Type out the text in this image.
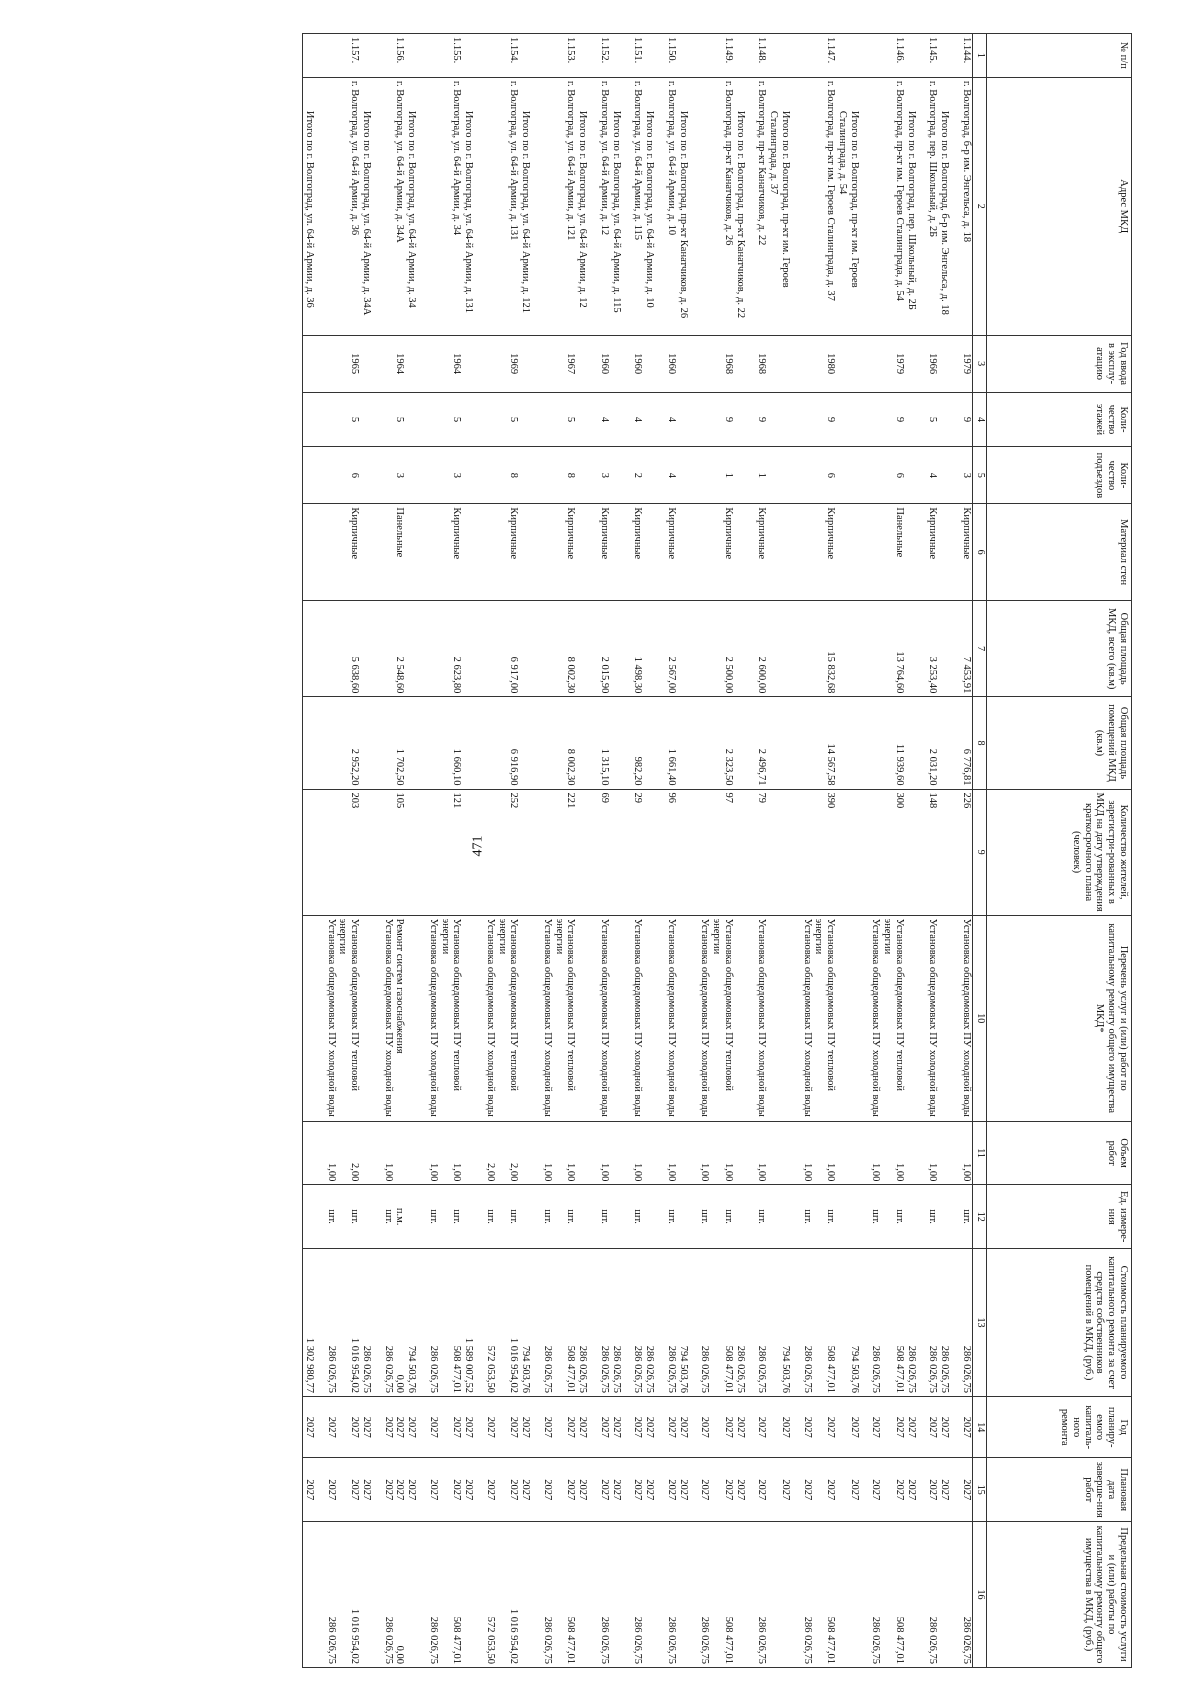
471
№ п/п	Адрес МКД	Год ввода в эксплу-атацию	Коли-чество этажей	Коли-чество подъездов	Материал стен	Общая площадь МКД, всего (кв.м)	Общая площадь помещений МКД (кв.м)	Количество жителей, зарегистри-рованных в МКД на дату утверждения краткосрочного плана (человек)	Перечень услуг и (или) работ по капитальному ремонту общего имущества МКД*	Объем работ	Ед. измере-ния	Стоимость планируемого капитального ремонта за счет средств собственников помещений в МКД, (руб.)	Год планиру-емого капиталь-ного ремонта	Плановая дата заверше-ния работ	Предельная стоимость услуги и (или) работы по капитальному ремонту общего имущества в МКД, (руб.)
1	2	3	4	5	6	7	8	9	10	11	12	13	14	15	16
1.144.	г. Волгоград, б-р им. Энгельса, д. 18	1979	9	3	Кирпичные	7 453,91	6 776,81	226	Установка общедомовых ПУ холодной воды	1,00	шт.	286 026,75	2027	2027	286 026,75
	Итого по г. Волгоград, б-р им. Энгельса, д. 18											286 026,75	2027	2027	
1.145.	г. Волгоград, пер. Школьный, д. 2Б	1966	5	4	Кирпичные	3 253,40	2 031,20	148	Установка общедомовых ПУ холодной воды	1,00	шт.	286 026,75	2027	2027	286 026,75
	Итого по г. Волгоград, пер. Школьный, д. 2Б											286 026,75	2027	2027	
1.146.	г. Волгоград, пр-кт им. Героев Сталинграда, д. 54	1979	9	6	Панельные	13 764,60	11 939,60	300	Установка общедомовых ПУ тепловой энергии	1,00	шт.	508 477,01	2027	2027	508 477,01
									Установка общедомовых ПУ холодной воды	1,00	шт.	286 026,75	2027	2027	286 026,75
	Итого по г. Волгоград, пр-кт им. Героев Сталинграда, д. 54											794 503,76	2027	2027	
1.147.	г. Волгоград, пр-кт им. Героев Сталинграда, д. 37	1980	9	6	Кирпичные	15 832,68	14 567,58	390	Установка общедомовых ПУ тепловой энергии	1,00	шт.	508 477,01	2027	2027	508 477,01
									Установка общедомовых ПУ холодной воды	1,00	шт.	286 026,75	2027	2027	286 026,75
	Итого по г. Волгоград, пр-кт им. Героев Сталинграда, д. 37											794 503,76	2027	2027	
1.148.	г. Волгоград, пр-кт Канатчиков, д. 22	1968	9	1	Кирпичные	2 600,00	2 496,71	79	Установка общедомовых ПУ холодной воды	1,00	шт.	286 026,75	2027	2027	286 026,75
	Итого по г. Волгоград, пр-кт Канатчиков, д. 22											286 026,75	2027	2027	
1.149.	г. Волгоград, пр-кт Канатчиков, д. 26	1968	9	1	Кирпичные	2 500,00	2 323,50	97	Установка общедомовых ПУ тепловой энергии	1,00	шт.	508 477,01	2027	2027	508 477,01
									Установка общедомовых ПУ холодной воды	1,00	шт.	286 026,75	2027	2027	286 026,75
	Итого по г. Волгоград, пр-кт Канатчиков, д. 26											794 503,76	2027	2027	
1.150.	г. Волгоград, ул. 64-й Армии, д. 10	1960	4	4	Кирпичные	2 567,00	1 661,40	96	Установка общедомовых ПУ холодной воды	1,00	шт.	286 026,75	2027	2027	286 026,75
	Итого по г. Волгоград, ул. 64-й Армии, д. 10											286 026,75	2027	2027	
1.151.	г. Волгоград, ул. 64-й Армии, д. 115	1960	4	2	Кирпичные	1 498,30	982,20	29	Установка общедомовых ПУ холодной воды	1,00	шт.	286 026,75	2027	2027	286 026,75
	Итого по г. Волгоград, ул. 64-й Армии, д. 115											286 026,75	2027	2027	
1.152.	г. Волгоград, ул. 64-й Армии, д. 12	1960	4	3	Кирпичные	2 015,90	1 315,10	69	Установка общедомовых ПУ холодной воды	1,00	шт.	286 026,75	2027	2027	286 026,75
	Итого по г. Волгоград, ул. 64-й Армии, д. 12											286 026,75	2027	2027	
1.153.	г. Волгоград, ул. 64-й Армии, д. 121	1967	5	8	Кирпичные	8 002,30	8 002,30	221	Установка общедомовых ПУ тепловой энергии	1,00	шт.	508 477,01	2027	2027	508 477,01
									Установка общедомовых ПУ холодной воды	1,00	шт.	286 026,75	2027	2027	286 026,75
	Итого по г. Волгоград, ул. 64-й Армии, д. 121											794 503,76	2027	2027	
1.154.	г. Волгоград, ул. 64-й Армии, д. 131	1969	5	8	Кирпичные	6 917,00	6 916,90	252	Установка общедомовых ПУ тепловой энергии	2,00	шт.	1 016 954,02	2027	2027	1 016 954,02
									Установка общедомовых ПУ холодной воды	2,00	шт.	572 053,50	2027	2027	572 053,50
	Итого по г. Волгоград, ул. 64-й Армии, д. 131											1 589 007,52	2027	2027	
1.155.	г. Волгоград, ул. 64-й Армии, д. 34	1964	5	3	Кирпичные	2 623,80	1 660,10	121	Установка общедомовых ПУ тепловой энергии	1,00	шт.	508 477,01	2027	2027	508 477,01
									Установка общедомовых ПУ холодной воды	1,00	шт.	286 026,75	2027	2027	286 026,75
	Итого по г. Волгоград, ул. 64-й Армии, д. 34											794 503,76	2027	2027	
1.156.	г. Волгоград, ул. 64-й Армии, д. 34А	1964	5	3	Панельные	2 548,60	1 702,50	105	Ремонт систем газоснабжения		п.м.	0,00	2027	2027	0,00
									Установка общедомовых ПУ холодной воды	1,00	шт.	286 026,75	2027	2027	286 026,75
	Итого по г. Волгоград, ул. 64-й Армии, д. 34А											286 026,75	2027	2027	
1.157.	г. Волгоград, ул. 64-й Армии, д. 36	1965	5	6	Кирпичные	5 638,60	2 952,20	203	Установка общедомовых ПУ тепловой энергии	2,00	шт.	1 016 954,02	2027	2027	1 016 954,02
									Установка общедомовых ПУ холодной воды	1,00	шт.	286 026,75	2027	2027	286 026,75
	Итого по г. Волгоград, ул. 64-й Армии, д. 36											1 302 980,77	2027	2027	
